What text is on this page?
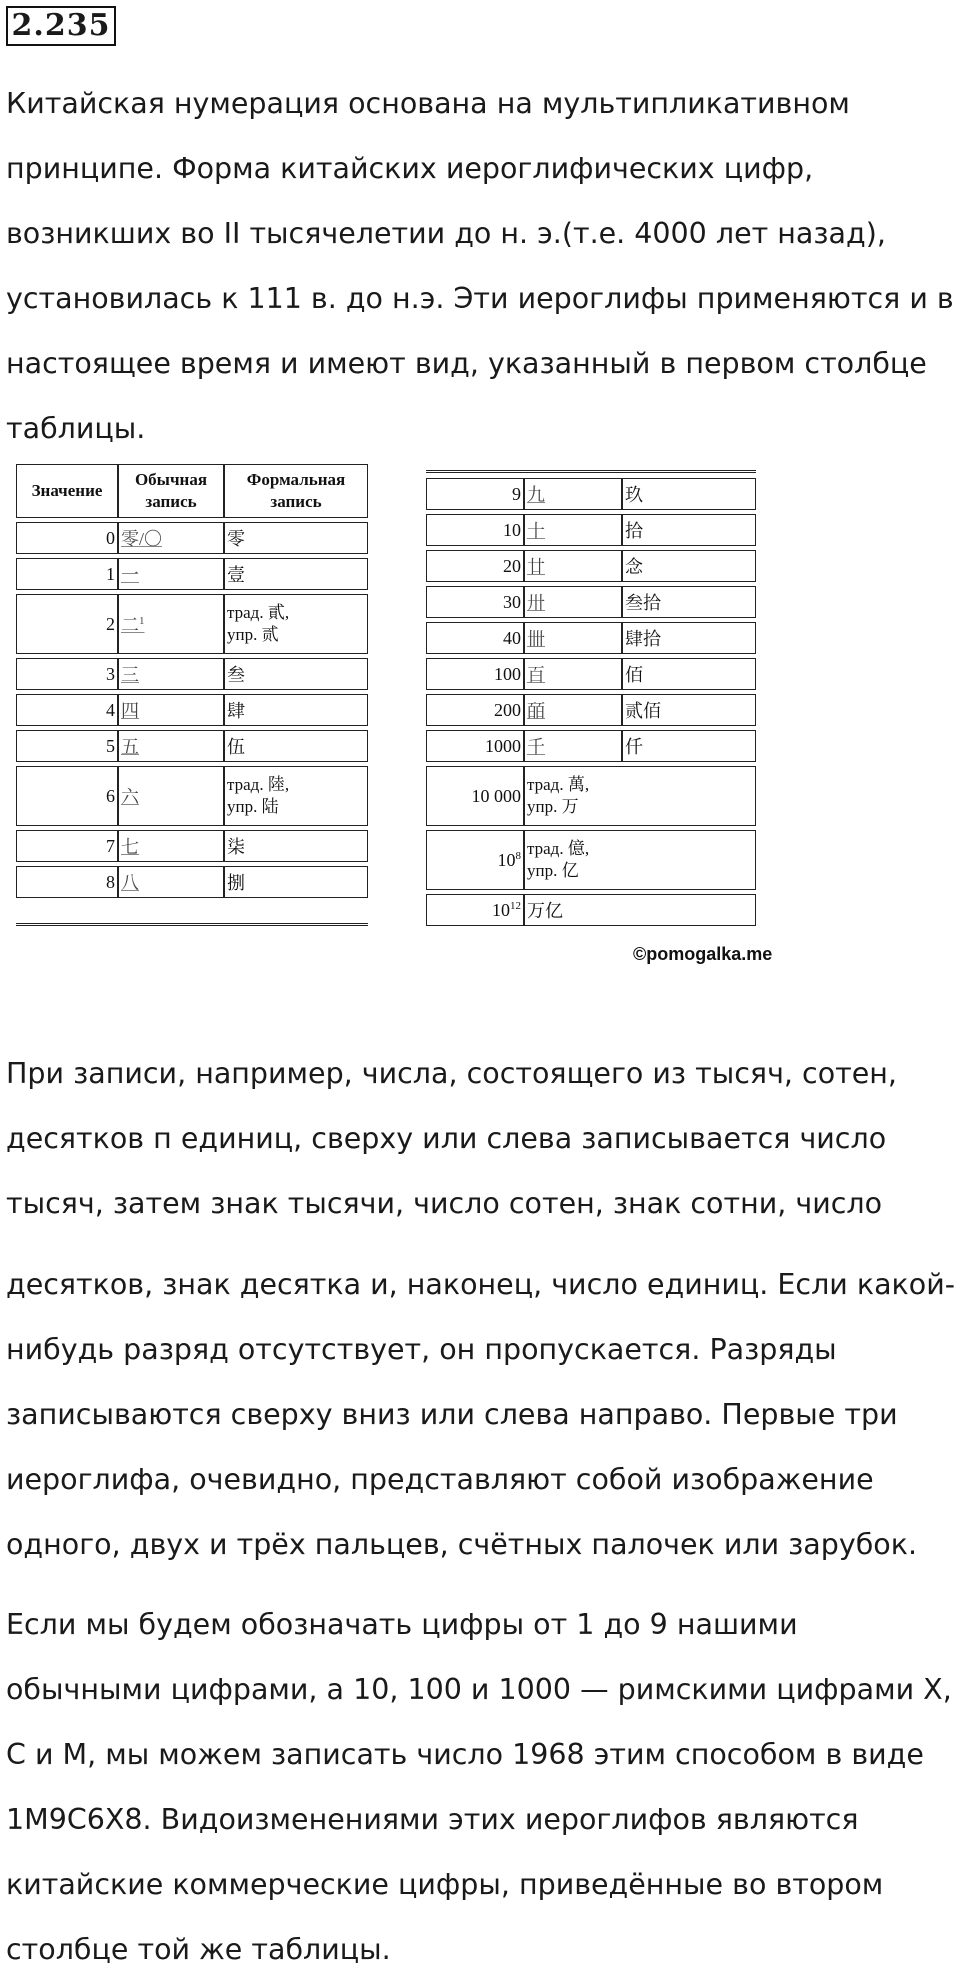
2.235

Китайская нумерация основана на мультипликативном

принципе. Форма китайских иероглифических цифр,

возникших во II тысячелетии до н. э.(т.е. 4000 лет назад),

установилась к 111 в. до н.э. Эти иероглифы применяются и в

настоящее время и имеют вид, указанный в первом столбце

таблицы.

Значение	Обычная запись	Формальная запись
0	零/〇	零
1	一	壹
2	二$^1$	трад. 貳,
упр. 贰

3	三	叁
4	四	肆
5	五	伍
6	六	трад. 陸,
упр. 陆

7	七	柒
8	八	捌
9	九	玖
10	十	拾
20	廿	念
30	卅	叁拾
40	卌	肆拾
100	百	佰
200	皕	贰佰
1000	千	仟
10 000	трад. 萬,
упр. 万	

$10^8$	трад. 億,
упр. 亿	

$10^{12}$	万亿	
©pomogalka.me

При записи, например, числа, состоящего из тысяч, сотен,

десятков п единиц, сверху или слева записывается число

тысяч, затем знак тысячи, число сотен, знак сотни, число

десятков, знак десятка и, наконец, число единиц. Если какой-

нибудь разряд отсутствует, он пропускается. Разряды

записываются сверху вниз или слева направо. Первые три

иероглифа, очевидно, представляют собой изображение

одного, двух и трёх пальцев, счётных палочек или зарубок.

Если мы будем обозначать цифры от 1 до 9 нашими

обычными цифрами, а 10, 100 и 1000 — римскими цифрами X,

С и М, мы можем записать число 1968 этим способом в виде

1М9С6Х8. Видоизменениями этих иероглифов являются

китайские коммерческие цифры, приведённые во втором

столбце той же таблицы.
